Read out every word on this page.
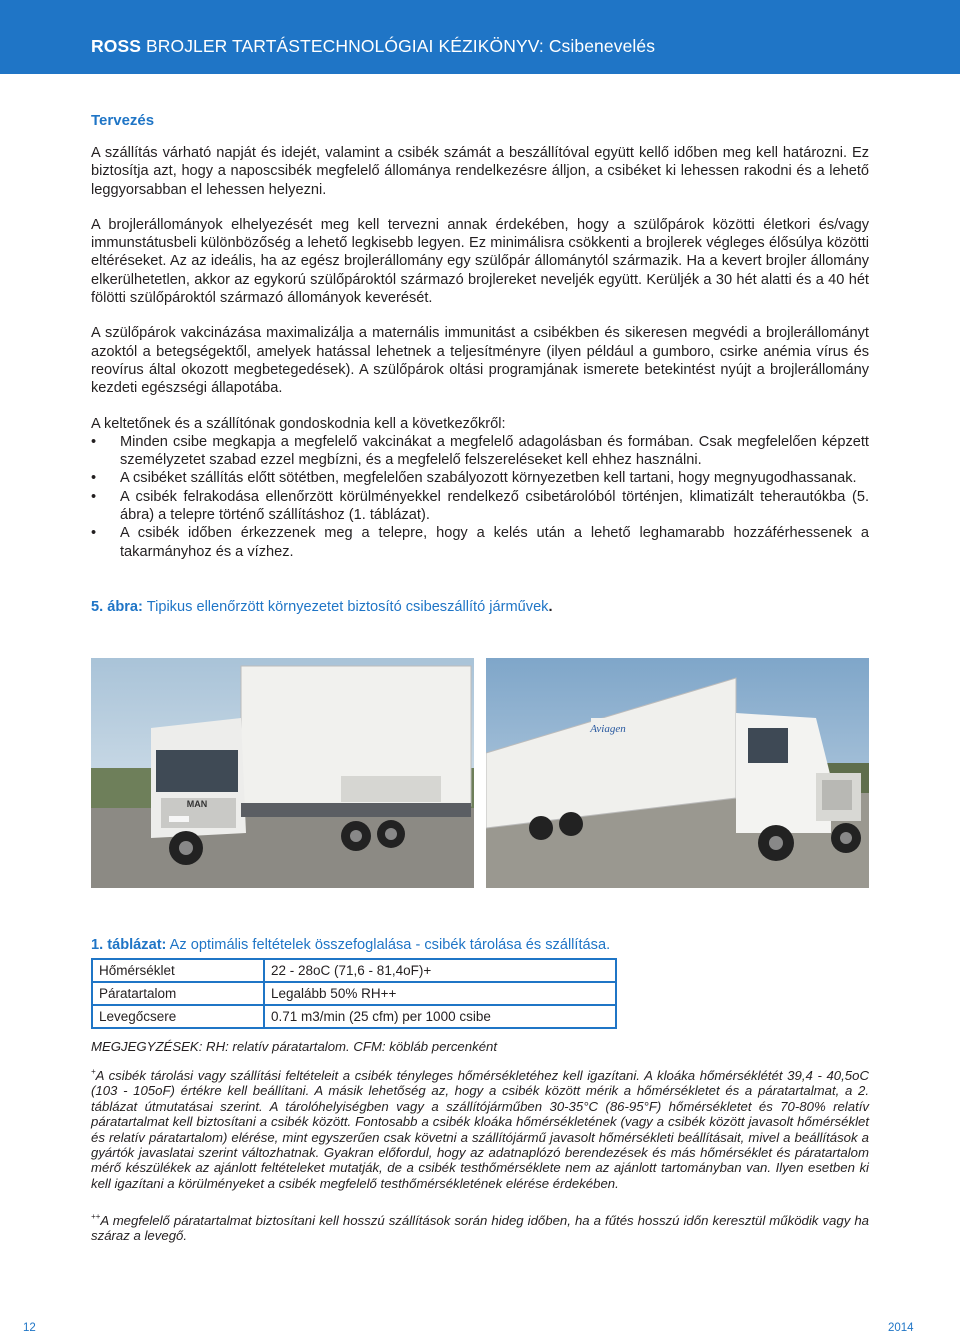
ROSS BROJLER TARTÁSTECHNOLÓGIAI KÉZIKÖNYV: Csibenevelés
Tervezés

A szállítás várható napját és idejét, valamint a csibék számát a beszállítóval együtt kellő időben meg kell határozni. Ez biztosítja azt, hogy a naposcsibék megfelelő állománya rendelkezésre álljon, a csibéket ki lehessen rakodni és a lehető leggyorsabban el lehessen helyezni.

A brojlerállományok elhelyezését meg kell tervezni annak érdekében, hogy a szülőpárok közötti életkori és/vagy immunstátusbeli különbözőség a lehető legkisebb legyen. Ez minimálisra csökkenti a brojlerek végleges élősúlya közötti eltéréseket. Az az ideális, ha az egész brojlerállomány egy szülőpár állománytól származik. Ha a kevert brojler állomány elkerülhetetlen, akkor az egykorú szülőpároktól származó brojlereket neveljék együtt. Kerüljék a 30 hét alatti és a 40 hét fölötti szülőpároktól származó állományok keverését.

A szülőpárok vakcinázása maximalizálja a maternális immunitást a csibékben és sikeresen megvédi a brojlerállományt azoktól a betegségektől, amelyek hatással lehetnek a teljesítményre (ilyen például a gumboro, csirke anémia vírus és reovírus által okozott megbetegedések). A szülőpárok oltási programjának ismerete betekintést nyújt a brojlerállomány kezdeti egészségi állapotába.

A keltetőnek és a szállítónak gondoskodnia kell a következőkről:

• Minden csibe megkapja a megfelelő vakcinákat a megfelelő adagolásban és formában. Csak megfelelően képzett személyzetet szabad ezzel megbízni, és a megfelelő felszereléseket kell ehhez használni.
• A csibéket szállítás előtt sötétben, megfelelően szabályozott környezetben kell tartani, hogy megnyugodhassanak.
• A csibék felrakodása ellenőrzött körülményekkel rendelkező csibetárolóból történjen, klimatizált teherautókba (5. ábra) a telepre történő szállításhoz (1. táblázat).
• A csibék időben érkezzenek meg a telepre, hogy a kelés után a lehető leghamarabb hozzáférhessenek a takarmányhoz és a vízhez.
5. ábra: Tipikus ellenőrzött környezetet biztosító csibeszállító járművek.
MAN
Aviagen
1. táblázat: Az optimális feltételek összefoglalása - csibék tárolása és szállítása.
Hőmérséklet	22 - 28oC (71,6 - 81,4oF)+
Páratartalom	Legalább 50% RH++
Levegőcsere	0.71 m3/min (25 cfm) per 1000 csibe
MEGJEGYZÉSEK: RH: relatív páratartalom. CFM: köbláb percenként
+A csibék tárolási vagy szállítási feltételeit a csibék tényleges hőmérsékletéhez kell igazítani. A kloáka hőmérséklétét 39,4 - 40,5oC (103 - 105oF) értékre kell beállítani. A másik lehetőség az, hogy a csibék között mérik a hőmérsékletet és a páratartalmat, a 2. táblázat útmutatásai szerint. A tárolóhelyiségben vagy a szállítójárműben 30-35°C (86-95°F) hőmérsékletet és 70-80% relatív páratartalmat kell biztosítani a csibék között. Fontosabb a csibék kloáka hőmérsékletének (vagy a csibék között javasolt hőmérséklet és relatív páratartalom) elérése, mint egyszerűen csak követni a szállítójármű javasolt hőmérsékleti beállításait, mivel a beállítások a gyártók javaslatai szerint változhatnak. Gyakran előfordul, hogy az adatnaplózó berendezések és más hőmérséklet és páratartalom mérő készülékek az ajánlott feltételeket mutatják, de a csibék testhőmérséklete nem az ajánlott tartományban van. Ilyen esetben ki kell igazítani a körülményeket a csibék megfelelő testhőmérsékletének elérése érdekében.
++A megfelelő páratartalmat biztosítani kell hosszú szállítások során hideg időben, ha a fűtés hosszú időn keresztül működik vagy ha száraz a levegő.
12	2014
